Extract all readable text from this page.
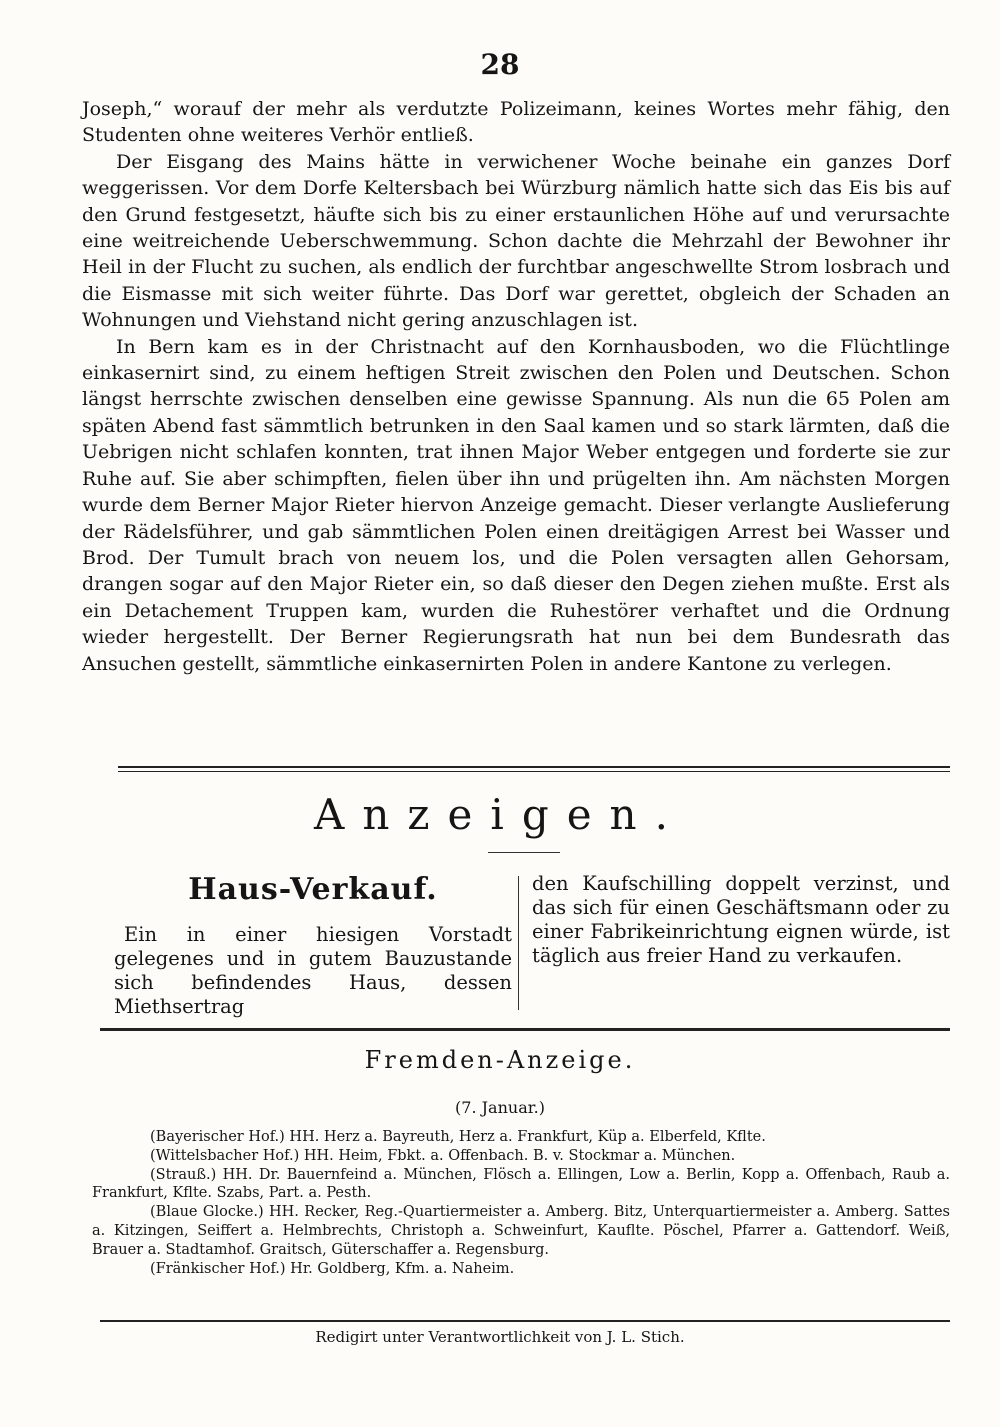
28

Joseph,“ worauf der mehr als verdutzte Polizeimann, keines Wortes mehr fähig, den Studenten ohne weiteres Verhör entließ.

Der Eisgang des Mains hätte in verwichener Woche beinahe ein ganzes Dorf weggerissen. Vor dem Dorfe Keltersbach bei Würzburg nämlich hatte sich das Eis bis auf den Grund festgesetzt, häufte sich bis zu einer erstaunlichen Höhe auf und verursachte eine weitreichende Ueberschwemmung. Schon dachte die Mehrzahl der Bewohner ihr Heil in der Flucht zu suchen, als endlich der furchtbar angeschwellte Strom losbrach und die Eismasse mit sich weiter führte. Das Dorf war gerettet, obgleich der Schaden an Wohnungen und Viehstand nicht gering anzuschlagen ist.

In Bern kam es in der Christnacht auf den Kornhausboden, wo die Flüchtlinge einkasernirt sind, zu einem heftigen Streit zwischen den Polen und Deutschen. Schon längst herrschte zwischen denselben eine gewisse Spannung. Als nun die 65 Polen am späten Abend fast sämmtlich betrunken in den Saal kamen und so stark lärmten, daß die Uebrigen nicht schlafen konnten, trat ihnen Major Weber entgegen und forderte sie zur Ruhe auf. Sie aber schimpften, fielen über ihn und prügelten ihn. Am nächsten Morgen wurde dem Berner Major Rieter hiervon Anzeige gemacht. Dieser verlangte Auslieferung der Rädelsführer, und gab sämmtlichen Polen einen dreitägigen Arrest bei Wasser und Brod. Der Tumult brach von neuem los, und die Polen versagten allen Gehorsam, drangen sogar auf den Major Rieter ein, so daß dieser den Degen ziehen mußte. Erst als ein Detachement Truppen kam, wurden die Ruhestörer verhaftet und die Ordnung wieder hergestellt. Der Berner Regierungsrath hat nun bei dem Bundesrath das Ansuchen gestellt, sämmtliche einkasernirten Polen in andere Kantone zu verlegen.

Anzeigen.
Haus-Verkauf.

Ein in einer hiesigen Vorstadt gelegenes und in gutem Bauzustande sich befindendes Haus, dessen Miethsertrag

den Kaufschilling doppelt verzinst, und das sich für einen Geschäftsmann oder zu einer Fabrikeinrichtung eignen würde, ist täglich aus freier Hand zu verkaufen.

Fremden-Anzeige.
(7. Januar.)

(Bayerischer Hof.) HH. Herz a. Bayreuth, Herz a. Frankfurt, Küp a. Elberfeld, Kflte.

(Wittelsbacher Hof.) HH. Heim, Fbkt. a. Offenbach. B. v. Stockmar a. München.

(Strauß.) HH. Dr. Bauernfeind a. München, Flösch a. Ellingen, Low a. Berlin, Kopp a. Offenbach, Raub a. Frankfurt, Kflte. Szabs, Part. a. Pesth.

(Blaue Glocke.) HH. Recker, Reg.-Quartiermeister a. Amberg. Bitz, Unterquartiermeister a. Amberg. Sattes a. Kitzingen, Seiffert a. Helmbrechts, Christoph a. Schweinfurt, Kauflte. Pöschel, Pfarrer a. Gattendorf. Weiß, Brauer a. Stadtamhof. Graitsch, Güterschaffer a. Regensburg.

(Fränkischer Hof.) Hr. Goldberg, Kfm. a. Naheim.

Redigirt unter Verantwortlichkeit von J. L. Stich.
